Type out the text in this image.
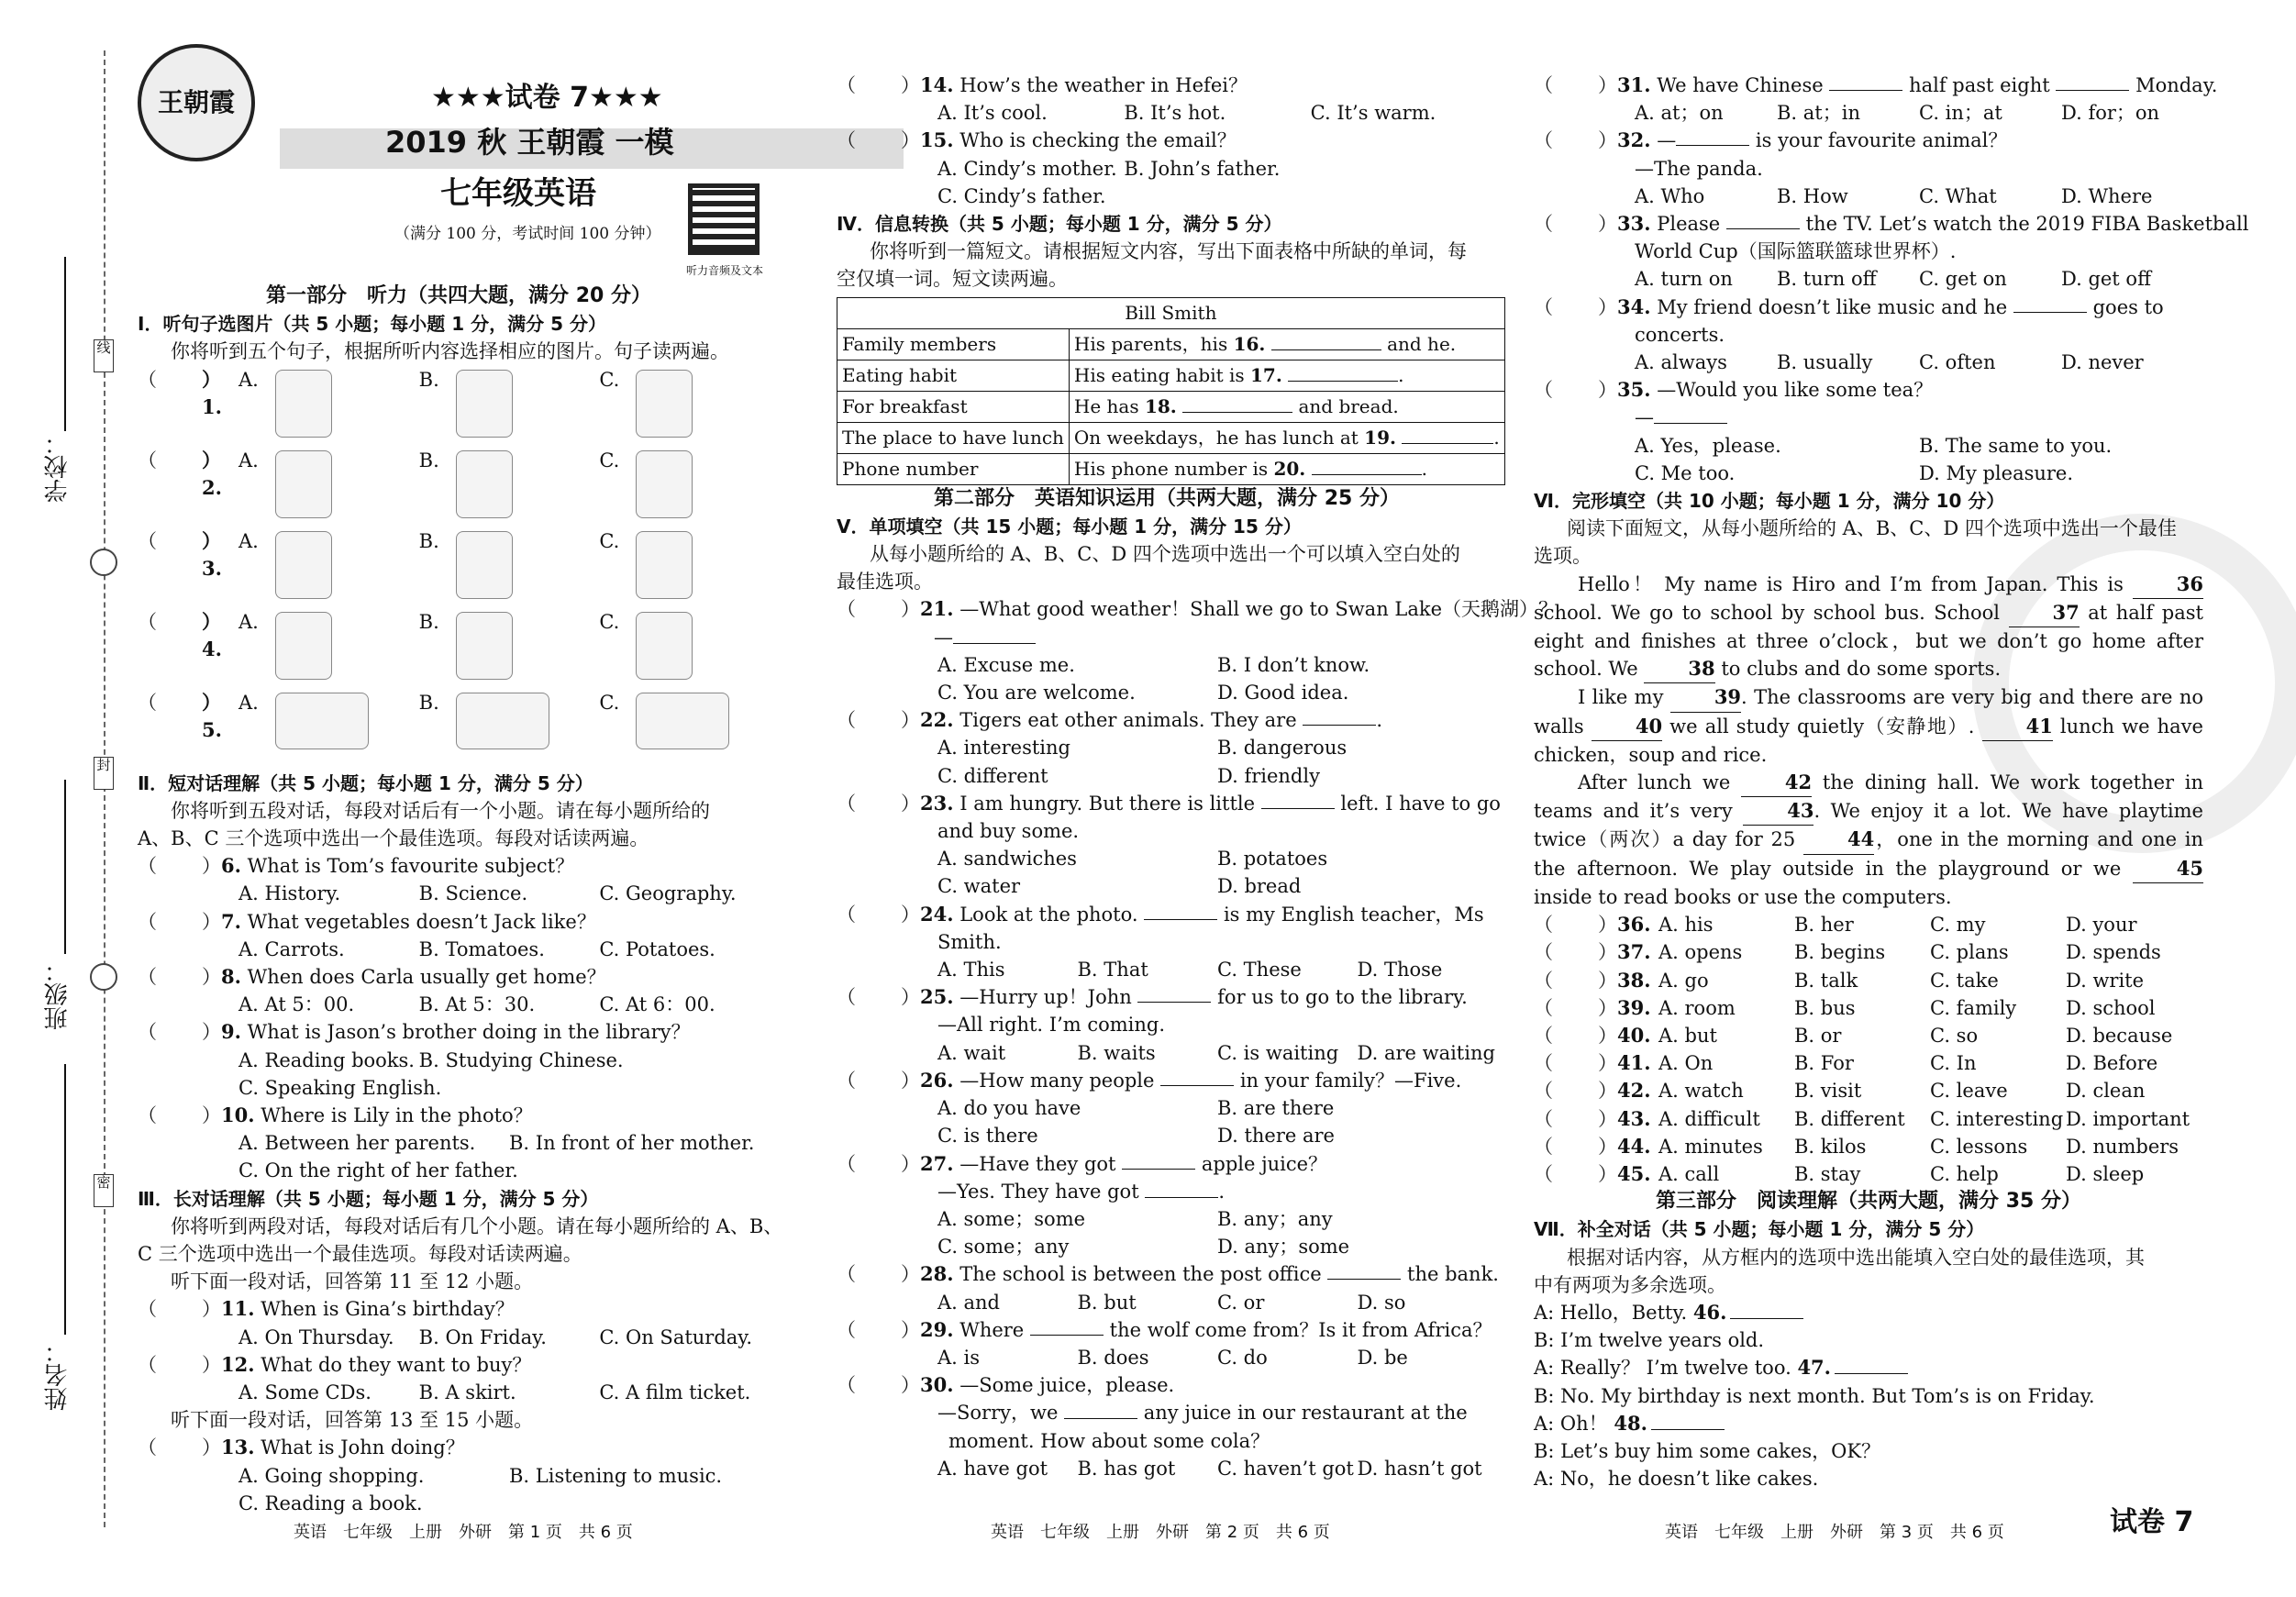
学校：
班级：
姓名：
线
封
密
王朝霞	★★★试卷 7★★★
2019 秋 王朝霞 一模
七年级英语
（满分 100 分，考试时间 100 分钟）
听力音频及文本
第一部分　听力（共四大题，满分 20 分）
Ⅰ．听句子选图片（共 5 小题；每小题 1 分，满分 5 分）
你将听到五个句子，根据所听内容选择相应的图片。句子读两遍。
（	）1.
A.	B.	C.
（	）2.
A.	B.	C.
（	）3.
A.	B.	C.
（	）4.
A.	B.	C.
（	）5.
A.	B.	C.
Ⅱ．短对话理解（共 5 小题；每小题 1 分，满分 5 分）
你将听到五段对话，每段对话后有一个小题。请在每小题所给的
A、B、C 三个选项中选出一个最佳选项。每段对话读两遍。
（	） 6 .
What is Tom’s favourite subject？
A. History.	B. Science.	C. Geography.
（	） 7 .
What vegetables doesn’t Jack like？
A. Carrots.	B. Tomatoes.	C. Potatoes.
（	） 8 .
When does Carla usually get home？
A. At 5：00.	B. At 5：30.	C. At 6：00.
（	） 9 .
What is Jason’s brother doing in the library？
A. Reading books. B. Studying Chinese.
C. Speaking English.
（	） 10 .
Where is Lily in the photo？
A. Between her parents.	B. In front of her mother.
C. On the right of her father.
Ⅲ．长对话理解（共 5 小题；每小题 1 分，满分 5 分）
你将听到两段对话，每段对话后有几个小题。请在每小题所给的 A、B、
C 三个选项中选出一个最佳选项。每段对话读两遍。
听下面一段对话，回答第 11 至 12 小题。
（	） 11 .
When is Gina’s birthday？
A. On Thursday.	B. On Friday.	C. On Saturday.
（	） 12 .
What do they want to buy？
A. Some CDs.	B. A skirt.	C. A film ticket.
听下面一段对话，回答第 13 至 15 小题。
（	） 13 .
What is John doing？
A. Going shopping.	B. Listening to music.
C. Reading a book.
（	） 14 .
How’s the weather in Hefei？
A. It’s cool.	B. It’s hot.	C. It’s warm.
（	） 15 .
Who is checking the email？
A. Cindy’s mother. B. John’s father.
C. Cindy’s father.
Ⅳ．信息转换（共 5 小题；每小题 1 分，满分 5 分）
你将听到一篇短文。请根据短文内容，写出下面表格中所缺的单词，每
空仅填一词。短文读两遍。
Bill Smith	
Family members	His parents，his 16. and he.
Eating habit	His eating habit is 17. .
For breakfast	He has 18. and bread.
The place to have lunch	On weekdays，he has lunch at 19. .
Phone number	His phone number is 20. .
第二部分　英语知识运用（共两大题，满分 25 分）
Ⅴ．单项填空（共 15 小题；每小题 1 分，满分 15 分）
从每小题所给的 A、B、C、D 四个选项中选出一个可以填入空白处的
最佳选项。
（	） 21 .
—What good weather！Shall we go to Swan Lake（天鹅湖）？
—
A. Excuse me.	B. I don’t know.
C. You are welcome.	D. Good idea.
（	） 22 .
Tigers eat other animals. They are
	.
A. interesting	B. dangerous
C. different	D. friendly
（	） 23 .
I am hungry. But there is little

	left. I have to go
and buy some.
A. sandwiches	B. potatoes
C. water	D. bread
（	） 24 .
Look at the photo.

	is my English teacher，Ms
Smith.
A. This	B. That	C. These	D. Those
（	） 25 .
—Hurry up！John

	for us to go to the library.
—All right. I’m coming.
A. wait	B. waits	C. is waiting D. are waiting
（	） 26 .
—How many people

	in your family？—Five.
A. do you have	B. are there
C. is there	D. there are
（	） 27 .
—Have they got

	apple juice？
—Yes. They have got	.
A. some；some	B. any；any
C. some；any	D. any；some
（	） 28 .
The school is between the post office

	the bank.
A. and	B. but	C. or	D. so
（	） 29 .
Where

	the wolf come from？Is it from Africa？
A. is	B. does	C. do	D. be
（	） 30 .
—Some juice，please.
—Sorry，we	any juice in our restaurant at the
moment. How about some cola？
A. have got	B. has got	C. haven’t got D. hasn’t got
（	） 31 .
We have Chinese

	half past eight

	Monday.
A. at；on	B. at；in	C. in；at	D. for；on
（	） 32 .
—
	is your favourite animal？
—The panda.
A. Who	B. How	C. What	D. Where
（	） 33 .
Please

	the TV. Let’s watch the 2019 FIBA Basketball
World Cup（国际篮联篮球世界杯）.
A. turn on	B. turn off	C. get on	D. get off
（	） 34 .
My friend doesn’t like music and he

	goes to
concerts.
A. always	B. usually	C. often	D. never
（	） 35 .
—Would you like some tea？
—
A. Yes，please.	B. The same to you.
C. Me too.	D. My pleasure.
Ⅵ．完形填空（共 10 小题；每小题 1 分，满分 10 分）
阅读下面短文，从每小题所给的 A、B、C、D 四个选项中选出一个最佳
选项。
Hello！ My name is Hiro and I’m from Japan. This is 36 school. We go to school by school bus. School 37 at half past eight and finishes at three o’clock，but we don’t go home after school. We 38 to clubs and do some sports.
I like my 39. The classrooms are very big and there are no walls 40 we all study quietly（安静地）. 41 lunch we have chicken，soup and rice.
After lunch we 42 the dining hall. We work together in teams and it’s very 43. We enjoy it a lot. We have playtime twice（两次）a day for 25 44，one in the morning and one in the afternoon. We play outside in the playground or we 45 inside to read books or use the computers.
（	） 36. A. his	B. her	C. my	D. your
（	） 37. A. opens	B. begins	C. plans	D. spends
（	） 38. A. go	B. talk	C. take	D. write
（	） 39. A. room	B. bus	C. family	D. school
（	） 40. A. but	B. or	C. so	D. because
（	） 41. A. On	B. For	C. In	D. Before
（	） 42. A. watch	B. visit	C. leave	D. clean
（	） 43. A. difficult	B. different	C. interesting D. important
（	） 44. A. minutes	B. kilos	C. lessons	D. numbers
（	） 45. A. call	B. stay	C. help	D. sleep
第三部分　阅读理解（共两大题，满分 35 分）
Ⅶ．补全对话（共 5 小题；每小题 1 分，满分 5 分）
根据对话内容，从方框内的选项中选出能填入空白处的最佳选项，其
中有两项为多余选项。
A: Hello，Betty. 46.
B: I’m twelve years old.
A: Really？ I’m twelve too. 47.
B: No. My birthday is next month. But Tom’s is on Friday.
A: Oh！ 48.
B: Let’s buy him some cakes，OK？
A: No，he doesn’t like cakes.
英语　七年级　上册　外研　第 1 页　共 6 页	英语　七年级　上册　外研　第 2 页　共 6 页	英语　七年级　上册　外研　第 3 页　共 6 页	试卷 7
